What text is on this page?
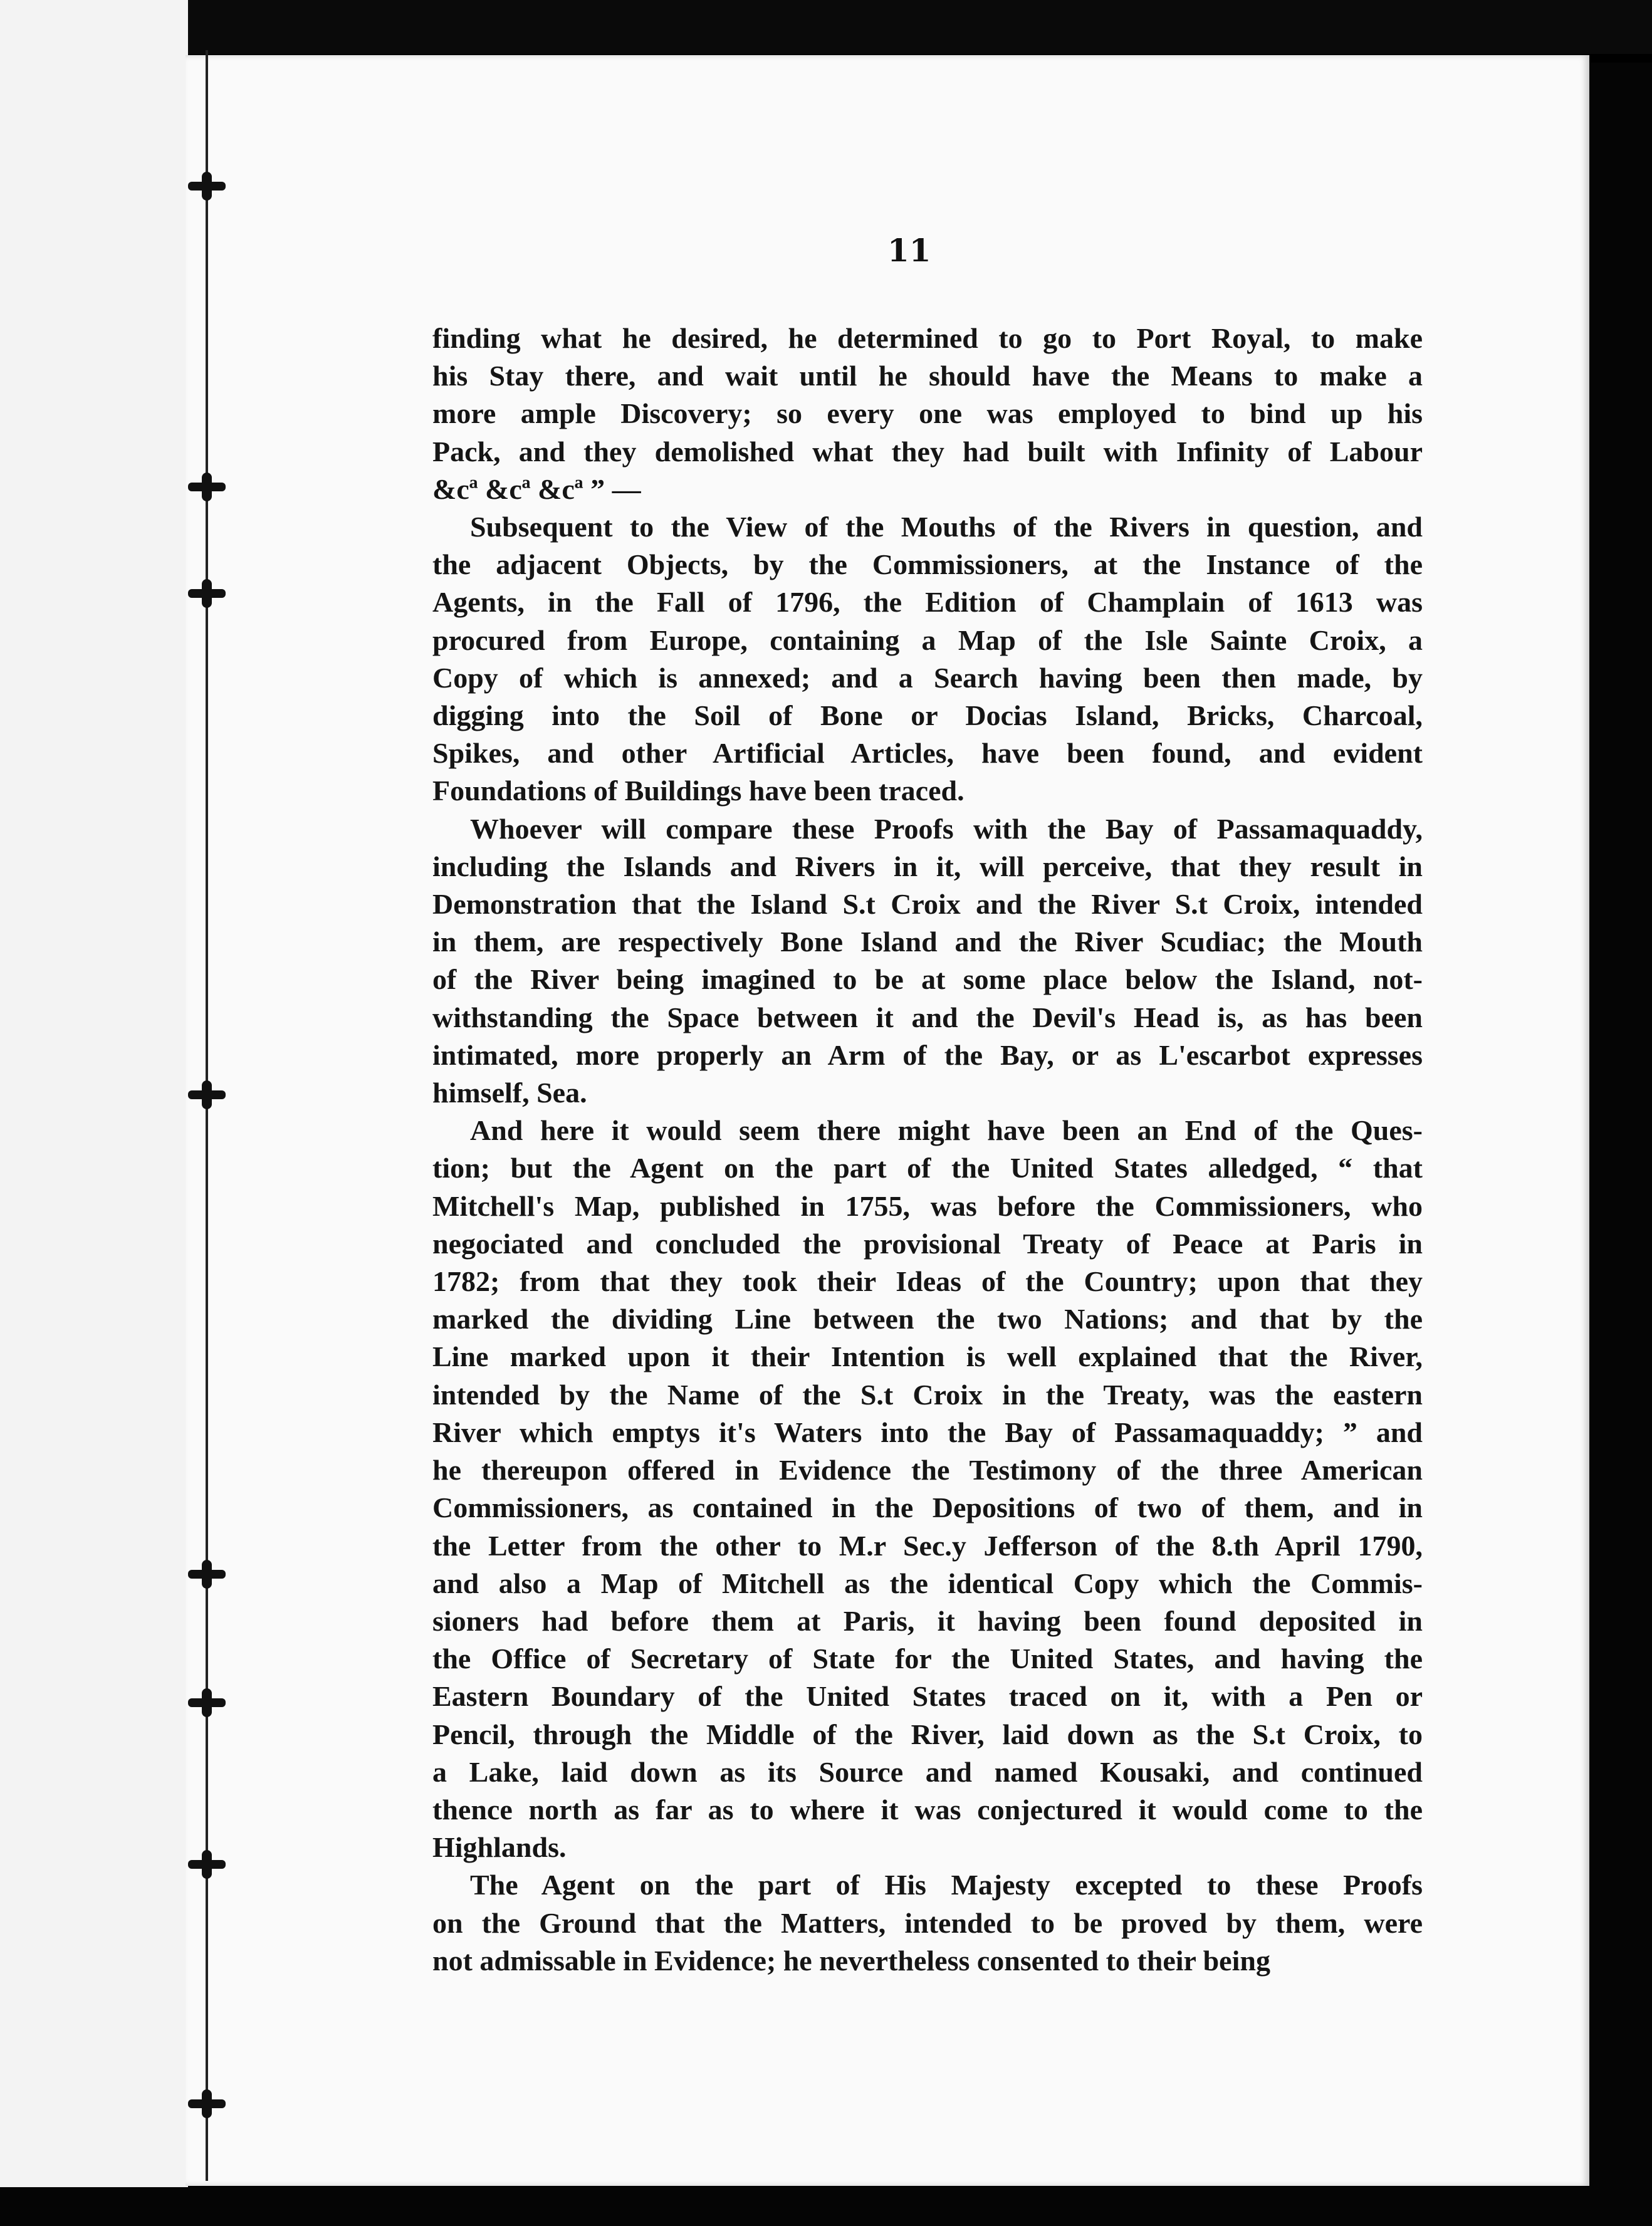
11

finding what he desired, he determined to go to Port Royal, to make
his Stay there, and wait until he should have the Means to make a
more ample Discovery; so every one was employed to bind up his
Pack, and they demolished what they had built with Infinity of Labour
&cª &cª &cª ” —

Subsequent to the View of the Mouths of the Rivers in question, and
the adjacent Objects, by the Commissioners, at the Instance of the
Agents, in the Fall of 1796, the Edition of Champlain of 1613 was
procured from Europe, containing a Map of the Isle Sainte Croix, a
Copy of which is annexed; and a Search having been then made, by
digging into the Soil of Bone or Docias Island, Bricks, Charcoal,
Spikes, and other Artificial Articles, have been found, and evident
Foundations of Buildings have been traced.

Whoever will compare these Proofs with the Bay of Passamaquaddy,
including the Islands and Rivers in it, will perceive, that they result in
Demonstration that the Island S.t Croix and the River S.t Croix, intended
in them, are respectively Bone Island and the River Scudiac; the Mouth
of the River being imagined to be at some place below the Island, not-
withstanding the Space between it and the Devil's Head is, as has been
intimated, more properly an Arm of the Bay, or as L'escarbot expresses
himself, Sea.

And here it would seem there might have been an End of the Ques-
tion; but the Agent on the part of the United States alledged, “ that
Mitchell's Map, published in 1755, was before the Commissioners, who
negociated and concluded the provisional Treaty of Peace at Paris in
1782; from that they took their Ideas of the Country; upon that they
marked the dividing Line between the two Nations; and that by the
Line marked upon it their Intention is well explained that the River,
intended by the Name of the S.t Croix in the Treaty, was the eastern
River which emptys it's Waters into the Bay of Passamaquaddy; ” and
he thereupon offered in Evidence the Testimony of the three American
Commissioners, as contained in the Depositions of two of them, and in
the Letter from the other to M.r Sec.y Jefferson of the 8.th April 1790,
and also a Map of Mitchell as the identical Copy which the Commis-
sioners had before them at Paris, it having been found deposited in
the Office of Secretary of State for the United States, and having the
Eastern Boundary of the United States traced on it, with a Pen or
Pencil, through the Middle of the River, laid down as the S.t Croix, to
a Lake, laid down as its Source and named Kousaki, and continued
thence north as far as to where it was conjectured it would come to the
Highlands.

The Agent on the part of His Majesty excepted to these Proofs
on the Ground that the Matters, intended to be proved by them, were
not admissable in Evidence; he nevertheless consented to their being
